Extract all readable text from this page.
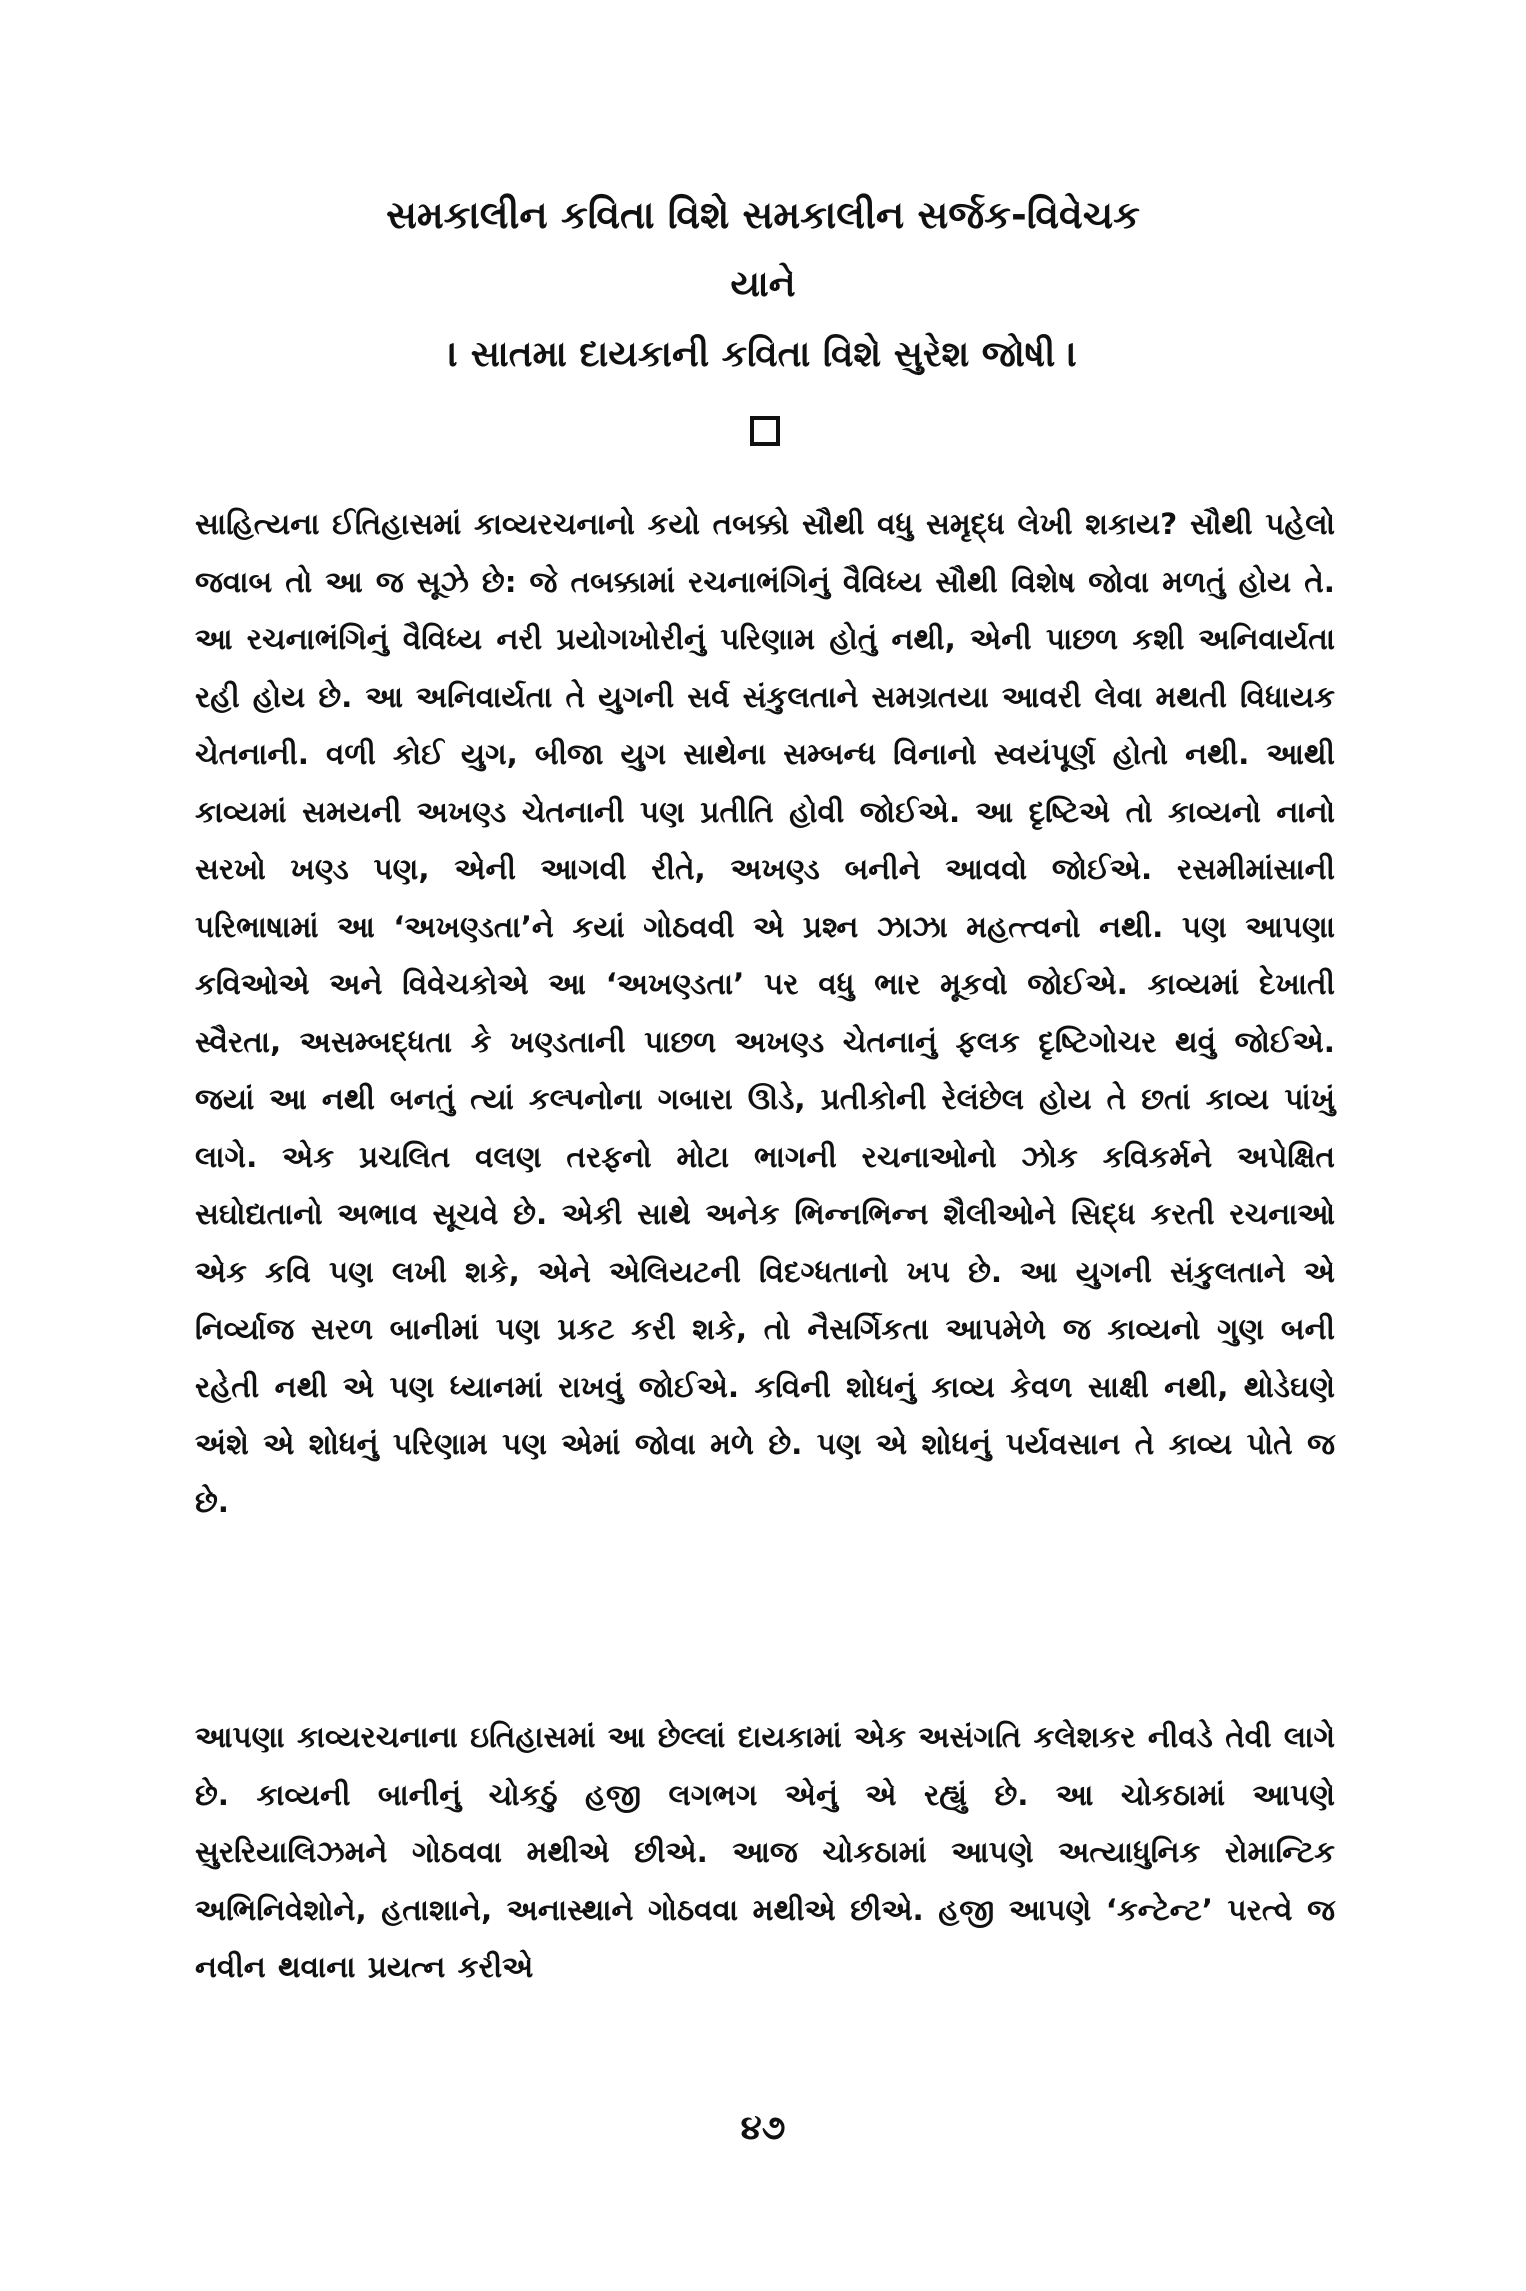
સમકાલીન કવિતા વિશે સમકાલીન સર્જક-વિવેચક
યાને
। સાતમા દાયકાની કવિતા વિશે સુરેશ જોષી ।

સાહિત્યના ઈતિહાસમાં કાવ્યરચનાનો કયો તબક્કો સૌથી વધુ સમૃદ્ધ લેખી શકાય? સૌથી પહેલો જવાબ તો આ જ સૂઝે છે: જે તબક્કામાં રચનાભંગિનું વૈવિધ્ય સૌથી વિશેષ જોવા મળતું હોય તે. આ રચનાભંગિનું વૈવિધ્ય નરી પ્રયોગખોરીનું પરિણામ હોતું નથી, એની પાછળ કશી અનિવાર્યતા રહી હોય છે. આ અનિવાર્યતા તે યુગની સર્વ સંકુલતાને સમગ્રતયા આવરી લેવા મથતી વિધાયક ચેતનાની. વળી કોઈ યુગ, બીજા યુગ સાથેના સમ્બન્ધ વિનાનો સ્વયંપૂર્ણ હોતો નથી. આથી કાવ્યમાં સમયની અખણ્ડ ચેતનાની પણ પ્રતીતિ હોવી જોઈએ. આ દૃષ્ટિએ તો કાવ્યનો નાનો સરખો ખણ્ડ પણ, એની આગવી રીતે, અખણ્ડ બનીને આવવો જોઈએ. રસમીમાંસાની પરિભાષામાં આ ‘અખણ્ડતા’ને કયાં ગોઠવવી એ પ્રશ્ન ઝાઝા મહત્ત્વનો નથી. પણ આપણા કવિઓએ અને વિવેચકોએ આ ‘અખણ્ડતા’ પર વધુ ભાર મૂકવો જોઈએ. કાવ્યમાં દેખાતી સ્વૈરતા, અસમ્બદ્ધતા કે ખણ્ડતાની પાછળ અખણ્ડ ચેતનાનું ફલક દૃષ્ટિગોચર થવું જોઈએ. જયાં આ નથી બનતું ત્યાં કલ્પનોના ગબારા ઊડે, પ્રતીકોની રેલંછેલ હોય તે છતાં કાવ્ય પાંખું લાગે. એક પ્રચલિત વલણ તરફનો મોટા ભાગની રચનાઓનો ઝોક કવિકર્મને અપેક્ષિત સઘોદ્યતાનો અભાવ સૂચવે છે. એકી સાથે અનેક ભિન્નભિન્ન શૈલીઓને સિદ્ધ કરતી રચનાઓ એક કવિ પણ લખી શકે, એને એલિયટની વિદગ્ધતાનો ખપ છે. આ યુગની સંકુલતાને એ નિર્વ્યાજ સરળ બાનીમાં પણ પ્રકટ કરી શકે, તો નૈસર્ગિકતા આપમેળે જ કાવ્યનો ગુણ બની રહેતી નથી એ પણ ધ્યાનમાં રાખવું જોઈએ. કવિની શોધનું કાવ્ય કેવળ સાક્ષી નથી, થોડેઘણે અંશે એ શોધનું પરિણામ પણ એમાં જોવા મળે છે. પણ એ શોધનું પર્યવસાન તે કાવ્ય પોતે જ છે.

આપણા કાવ્યરચનાના ઇતિહાસમાં આ છેલ્લાં દાયકામાં એક અસંગતિ કલેશકર નીવડે તેવી લાગે છે. કાવ્યની બાનીનું ચોકઠું હજી લગભગ એનું એ રહ્યું છે. આ ચોકઠામાં આપણે સુરરિયાલિઝમને ગોઠવવા મથીએ છીએ. આજ ચોકઠામાં આપણે અત્યાધુનિક રોમાન્ટિક અભિનિવેશોને, હતાશાને, અનાસ્થાને ગોઠવવા મથીએ છીએ. હજી આપણે ‘કન્ટેન્ટ’ પરત્વે જ નવીન થવાના પ્રયત્ન કરીએ

૪૭
